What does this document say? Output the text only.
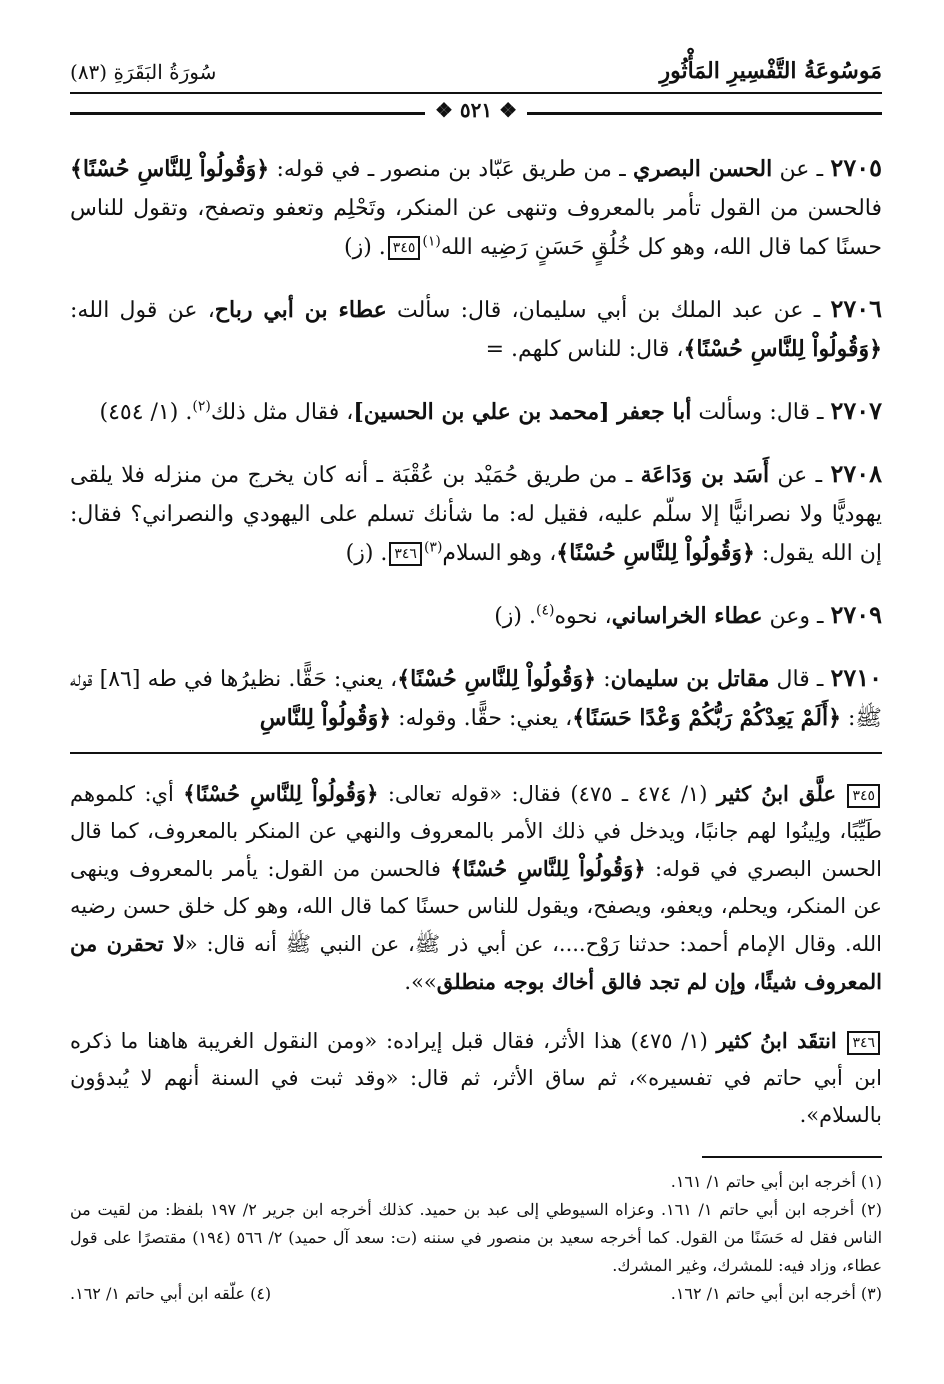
مَوسُوعَةُ التَّفْسِيرِ المَأْثُورِ
سُورَةُ البَقَرَةِ (٨٣)
❖ ٥٢١ ❖

٢٧٠٥ ـ عن الحسن البصري ـ من طريق عَبّاد بن منصور ـ في قوله: ﴿وَقُولُواْ لِلنَّاسِ حُسْنًا﴾ فالحسن من القول تأمر بالمعروف وتنهى عن المنكر، وتَحْلِم وتعفو وتصفح، وتقول للناس حسنًا كما قال الله، وهو كل خُلُقٍ حَسَنٍ رَضِيه الله$^{(١)}$٣٤٥. (ز)

٢٧٠٦ ـ عن عبد الملك بن أبي سليمان، قال: سألت عطاء بن أبي رباح، عن قول الله: ﴿وَقُولُواْ لِلنَّاسِ حُسْنًا﴾، قال: للناس كلهم. =

٢٧٠٧ ـ قال: وسألت أبا جعفر [محمد بن علي بن الحسين]، فقال مثل ذلك$^{(٢)}$. (١/ ٤٥٤)

٢٧٠٨ ـ عن أَسَد بن وَدَاعَة ـ من طريق حُمَيْد بن عُقْبَة ـ أنه كان يخرج من منزله فلا يلقى يهوديًّا ولا نصرانيًّا إلا سلّم عليه، فقيل له: ما شأنك تسلم على اليهودي والنصراني؟ فقال: إن الله يقول: ﴿وَقُولُواْ لِلنَّاسِ حُسْنًا﴾، وهو السلام$^{(٣)}$٣٤٦. (ز)

٢٧٠٩ ـ وعن عطاء الخراساني، نحوه$^{(٤)}$. (ز)

٢٧١٠ ـ قال مقاتل بن سليمان: ﴿وَقُولُواْ لِلنَّاسِ حُسْنًا﴾، يعني: حَقًّا. نظيرُها في طه [٨٦] قوله ﷺ: ﴿أَلَمْ يَعِدْكُمْ رَبُّكُمْ وَعْدًا حَسَنًا﴾، يعني: حقًّا. وقوله: ﴿وَقُولُواْ لِلنَّاسِ

٣٤٥ علَّق ابنُ كثير (١/ ٤٧٤ ـ ٤٧٥) فقال: «قوله تعالى: ﴿وَقُولُواْ لِلنَّاسِ حُسْنًا﴾ أي: كلموهم طَيِّبًا، ولِينُوا لهم جانبًا، ويدخل في ذلك الأمر بالمعروف والنهي عن المنكر بالمعروف، كما قال الحسن البصري في قوله: ﴿وَقُولُواْ لِلنَّاسِ حُسْنًا﴾ فالحسن من القول: يأمر بالمعروف وينهى عن المنكر، ويحلم، ويعفو، ويصفح، ويقول للناس حسنًا كما قال الله، وهو كل خلق حسن رضيه الله. وقال الإمام أحمد: حدثنا رَوْح....، عن أبي ذر ﷺ، عن النبي ﷺ أنه قال: «لا تحقرن من المعروف شيئًا، وإن لم تجد فالق أخاك بوجه منطلق»».

٣٤٦ انتقَد ابنُ كثير (١/ ٤٧٥) هذا الأثر، فقال قبل إيراده: «ومن النقول الغريبة هاهنا ما ذكره ابن أبي حاتم في تفسيره»، ثم ساق الأثر، ثم قال: «وقد ثبت في السنة أنهم لا يُبدؤون بالسلام».

(١) أخرجه ابن أبي حاتم ١/ ١٦١.
(٢) أخرجه ابن أبي حاتم ١/ ١٦١. وعزاه السيوطي إلى عبد بن حميد. كذلك أخرجه ابن جرير ٢/ ١٩٧ بلفظ: من لقيت من الناس فقل له حَسَنًا من القول. كما أخرجه سعيد بن منصور في سننه (ت: سعد آل حميد) ٢/ ٥٦٦ (١٩٤) مقتصرًا على قول عطاء، وزاد فيه: للمشرك، وغير المشرك.
(٣) أخرجه ابن أبي حاتم ١/ ١٦٢.
(٤) علّقه ابن أبي حاتم ١/ ١٦٢.
